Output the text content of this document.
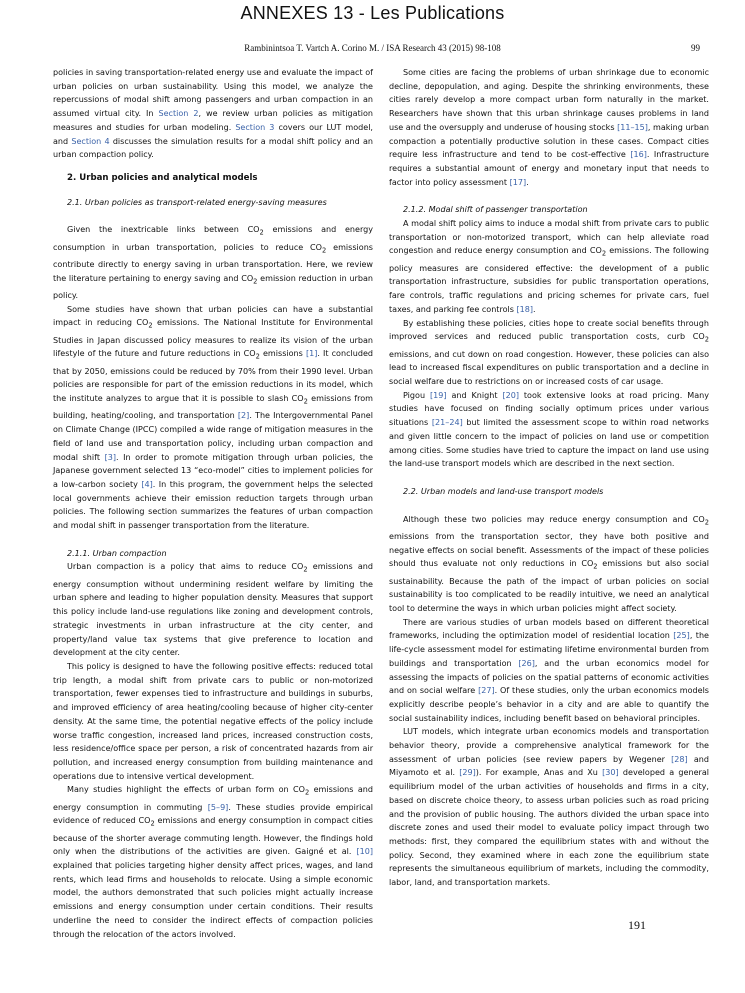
ANNEXES 13 - Les Publications
Rambinintsoa T. Vartch A. Corino M. / ISA Research 43 (2015) 98-108	99

policies in saving transportation-related energy use and evaluate the impact of urban policies on urban sustainability. Using this model, we analyze the repercussions of modal shift among passengers and urban compaction in an assumed virtual city. In Section 2, we review urban policies as mitigation measures and studies for urban modeling. Section 3 covers our LUT model, and Section 4 discusses the simulation results for a modal shift policy and an urban compaction policy.

2. Urban policies and analytical models

2.1. Urban policies as transport-related energy-saving measures

Given the inextricable links between $CO_2$ emissions and energy consumption in urban transportation, policies to reduce $CO_2$ emissions contribute directly to energy saving in urban transportation. Here, we review the literature pertaining to energy saving and $CO_2$ emission reduction in urban policy.

Some studies have shown that urban policies can have a substantial impact in reducing $CO_2$ emissions. The National Institute for Environmental Studies in Japan discussed policy measures to realize its vision of the urban lifestyle of the future and future reductions in $CO_2$ emissions [1]. It concluded that by 2050, emissions could be reduced by 70% from their 1990 level. Urban policies are responsible for part of the emission reductions in its model, which the institute analyzes to argue that it is possible to slash $CO_2$ emissions from building, heating/cooling, and transportation [2]. The Intergovernmental Panel on Climate Change (IPCC) compiled a wide range of mitigation measures in the field of land use and transportation policy, including urban compaction and modal shift [3]. In order to promote mitigation through urban policies, the Japanese government selected 13 “eco-model” cities to implement policies for a low-carbon society [4]. In this program, the government helps the selected local governments achieve their emission reduction targets through urban policies. The following section summarizes the features of urban compaction and modal shift in passenger transportation from the literature.

2.1.1. Urban compaction

Urban compaction is a policy that aims to reduce $CO_2$ emissions and energy consumption without undermining resident welfare by limiting the urban sphere and leading to higher population density. Measures that support this policy include land-use regulations like zoning and development controls, strategic investments in urban infrastructure at the city center, and property/land value tax systems that give preference to location and development at the city center.

This policy is designed to have the following positive effects: reduced total trip length, a modal shift from private cars to public or non-motorized transportation, fewer expenses tied to infrastructure and buildings in suburbs, and improved efficiency of area heating/cooling because of higher city-center density. At the same time, the potential negative effects of the policy include worse traffic congestion, increased land prices, increased construction costs, less residence/office space per person, a risk of concentrated hazards from air pollution, and increased energy consumption from building maintenance and operations due to intensive vertical development.

Many studies highlight the effects of urban form on $CO_2$ emissions and energy consumption in commuting [5–9]. These studies provide empirical evidence of reduced $CO_2$ emissions and energy consumption in compact cities because of the shorter average commuting length. However, the findings hold only when the distributions of the activities are given. Gaigné et al. [10] explained that policies targeting higher density affect prices, wages, and land rents, which lead firms and households to relocate. Using a simple economic model, the authors demonstrated that such policies might actually increase emissions and energy consumption under certain conditions. Their results underline the need to consider the indirect effects of compaction policies through the relocation of the actors involved.

Some cities are facing the problems of urban shrinkage due to economic decline, depopulation, and aging. Despite the shrinking environments, these cities rarely develop a more compact urban form naturally in the market. Researchers have shown that this urban shrinkage causes problems in land use and the oversupply and underuse of housing stocks [11–15], making urban compaction a potentially productive solution in these cases. Compact cities require less infrastructure and tend to be cost-effective [16]. Infrastructure requires a substantial amount of energy and monetary input that needs to factor into policy assessment [17].

2.1.2. Modal shift of passenger transportation

A modal shift policy aims to induce a modal shift from private cars to public transportation or non-motorized transport, which can help alleviate road congestion and reduce energy consumption and $CO_2$ emissions. The following policy measures are considered effective: the development of a public transportation infrastructure, subsidies for public transportation operations, fare controls, traffic regulations and pricing schemes for private cars, fuel taxes, and parking fee controls [18].

By establishing these policies, cities hope to create social benefits through improved services and reduced public transportation costs, curb $CO_2$ emissions, and cut down on road congestion. However, these policies can also lead to increased fiscal expenditures on public transportation and a decline in social welfare due to restrictions on or increased costs of car usage.

Pigou [19] and Knight [20] took extensive looks at road pricing. Many studies have focused on finding socially optimum prices under various situations [21–24] but limited the assessment scope to within road networks and given little concern to the impact of policies on land use or competition among cities. Some studies have tried to capture the impact on land use using the land-use transport models which are described in the next section.

2.2. Urban models and land-use transport models

Although these two policies may reduce energy consumption and $CO_2$ emissions from the transportation sector, they have both positive and negative effects on social benefit. Assessments of the impact of these policies should thus evaluate not only reductions in $CO_2$ emissions but also social sustainability. Because the path of the impact of urban policies on social sustainability is too complicated to be readily intuitive, we need an analytical tool to determine the ways in which urban policies might affect society.

There are various studies of urban models based on different theoretical frameworks, including the optimization model of residential location [25], the life-cycle assessment model for estimating lifetime environmental burden from buildings and transportation [26], and the urban economics model for assessing the impacts of policies on the spatial patterns of economic activities and on social welfare [27]. Of these studies, only the urban economics models explicitly describe people’s behavior in a city and are able to quantify the social sustainability indices, including benefit based on behavioral principles.

LUT models, which integrate urban economics models and transportation behavior theory, provide a comprehensive analytical framework for the assessment of urban policies (see review papers by Wegener [28] and Miyamoto et al. [29]). For example, Anas and Xu [30] developed a general equilibrium model of the urban activities of households and firms in a city, based on discrete choice theory, to assess urban policies such as road pricing and the provision of public housing. The authors divided the urban space into discrete zones and used their model to evaluate policy impact through two methods: first, they compared the equilibrium states with and without the policy. Second, they examined where in each zone the equilibrium state represents the simultaneous equilibrium of markets, including the commodity, labor, land, and transportation markets.

191
